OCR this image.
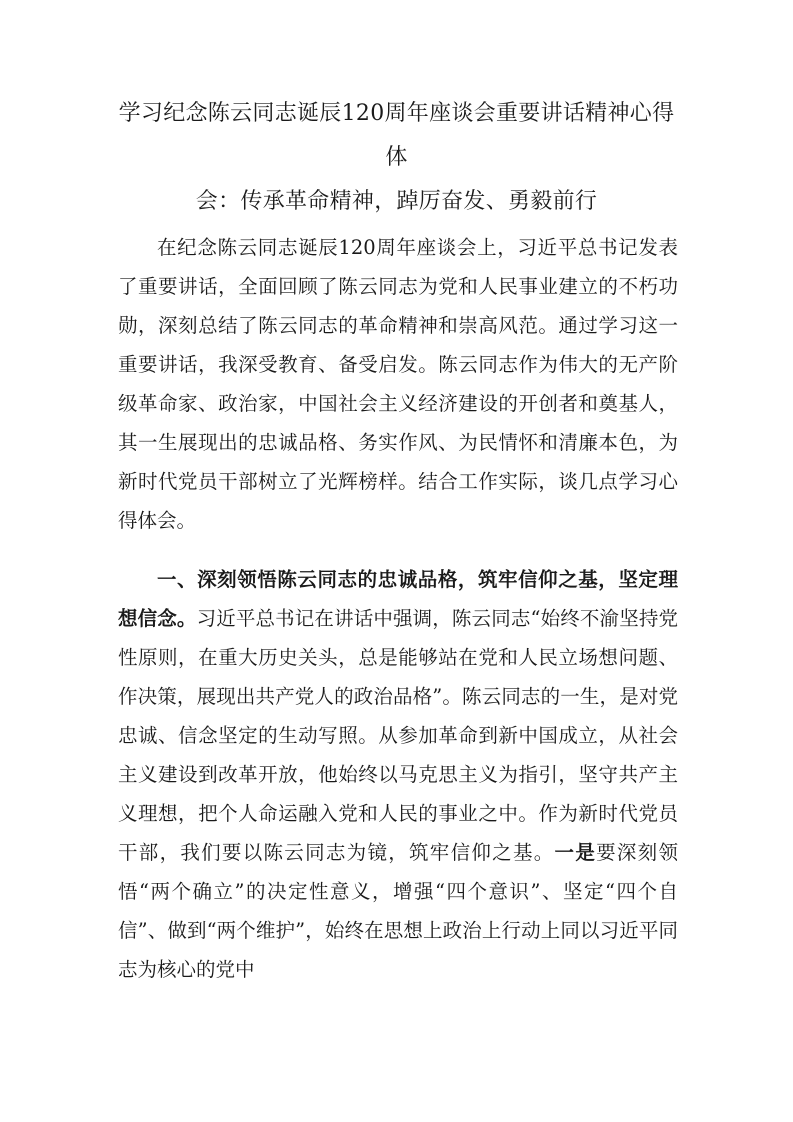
学习纪念陈云同志诞辰120周年座谈会重要讲话精神心得体
会：传承革命精神，踔厉奋发、勇毅前行

在纪念陈云同志诞辰120周年座谈会上，习近平总书记发表了重要讲话，全面回顾了陈云同志为党和人民事业建立的不朽功勋，深刻总结了陈云同志的革命精神和崇高风范。通过学习这一重要讲话，我深受教育、备受启发。陈云同志作为伟大的无产阶级革命家、政治家，中国社会主义经济建设的开创者和奠基人，其一生展现出的忠诚品格、务实作风、为民情怀和清廉本色，为新时代党员干部树立了光辉榜样。结合工作实际，谈几点学习心得体会。

一、深刻领悟陈云同志的忠诚品格，筑牢信仰之基，坚定理想信念。习近平总书记在讲话中强调，陈云同志“始终不渝坚持党性原则，在重大历史关头，总是能够站在党和人民立场想问题、作决策，展现出共产党人的政治品格”。陈云同志的一生，是对党忠诚、信念坚定的生动写照。从参加革命到新中国成立，从社会主义建设到改革开放，他始终以马克思主义为指引，坚守共产主义理想，把个人命运融入党和人民的事业之中。作为新时代党员干部，我们要以陈云同志为镜，筑牢信仰之基。一是要深刻领悟“两个确立”的决定性意义，增强“四个意识”、坚定“四个自信”、做到“两个维护”，始终在思想上政治上行动上同以习近平同志为核心的党中
